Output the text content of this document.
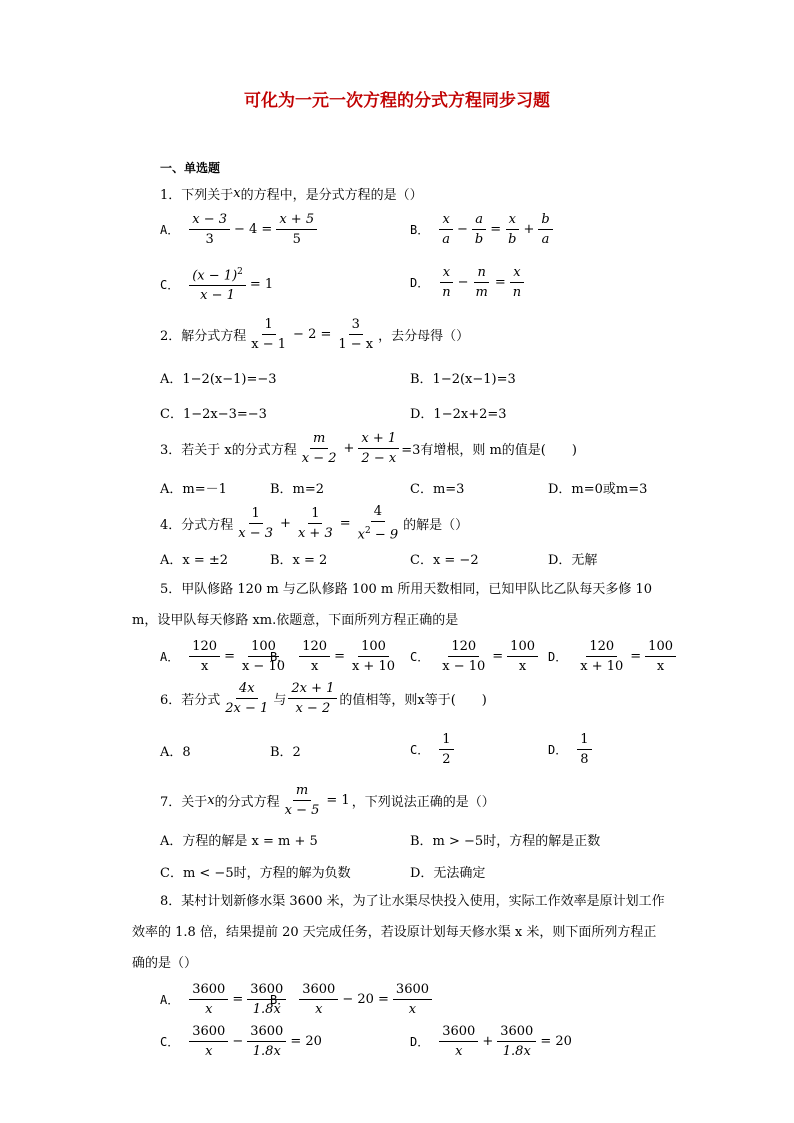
可化为一元一次方程的分式方程同步习题
一、单选题
1．下列关于 x 的方程中，是分式方程的是（）
A． $\frac{x - 3}{3} - 4 = \frac{x + 5}{5}$	B． $\frac{x}{a} - \frac{a}{b} = \frac{x}{b} + \frac{b}{a}$
C． $\frac{(x - 1)^2}{x - 1} = 1$	D． $\frac{x}{n} - \frac{n}{m} = \frac{x}{n}$
2．解分式方程 $\frac{1}{x - 1} - 2 = \frac{3}{1 - x}$ ，去分母得（）
A．1−2(x−1)=−3	B．1−2(x−1)=3
C．1−2x−3=−3	D．1−2x+2=3
3．若关于 x的分式方程 $\frac{m}{x - 2} + \frac{x + 1}{2 - x} =3$有增根，则 m的值是(　　)
A．m=－1	B．m=2	C．m=3	D．m=0或m=3
4．分式方程 $\frac{1}{x - 3} + \frac{1}{x + 3} = \frac{4}{x^2 - 9}$ 的解是（）
A．x = ±2	B．x = 2	C．x = −2	D．无解
5．甲队修路 120 m 与乙队修路 100 m 所用天数相同，已知甲队比乙队每天多修 10 m，设甲队每天修路 xm.依题意，下面所列方程正确的是
A． $\frac{120}{x} = \frac{100}{x - 10}$
B． $\frac{120}{x} = \frac{100}{x + 10}$ C． $\frac{120}{x - 10} = \frac{100}{x}$ D． $\frac{120}{x + 10} = \frac{100}{x}$
6．若分式 $\frac{4x}{2x - 1}$ 与 $\frac{2x + 1}{x - 2}$ 的值相等，则x等于(　　)
A．8	B．2	C． $\frac{1}{2}$	D． $\frac{1}{8}$
7．关于 x 的分式方程 $\frac{m}{x - 5} = 1$ ，下列说法正确的是（）
A．方程的解是 x = m + 5	B．m > −5时，方程的解是正数
C．m < −5时，方程的解为负数	D．无法确定
8．某村计划新修水渠 3600 米，为了让水渠尽快投入使用，实际工作效率是原计划工作效率的 1.8 倍，结果提前 20 天完成任务，若设原计划每天修水渠 x 米，则下面所列方程正确的是（）
A． $\frac{3600}{x} = \frac{3600}{1.8x}$
B． $\frac{3600}{x} - 20 = \frac{3600}{x}$
C． $\frac{3600}{x} - \frac{3600}{1.8x} = 20$	D． $\frac{3600}{x} + \frac{3600}{1.8x} = 20$
